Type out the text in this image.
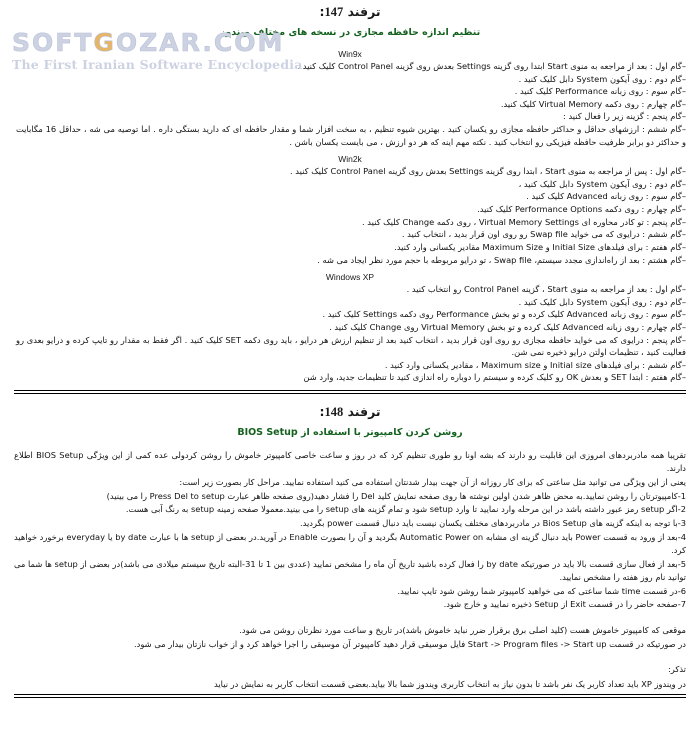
SOFTGOZAR.COM
The First Iranian Software Encyclopedia
ترفند 147:
تنظیم اندازه حافظه مجازی در نسخه های مختلف ویندوز
Win9x

–گام اول : بعد از مراجعه به منوی Start ابتدا روی گزینه Settings بعدش روی گزینه Control Panel کلیک کنید .

–گام دوم : روی آیکون System دابل کلیک کنید .

–گام سوم : روی زبانه Performance کلیک کنید .

–گام چهارم : روی دکمه Virtual Memory کلیک کنید.

–گام پنجم : گزینه زیر را فعال کنید :

–گام ششم : ارزشهای حداقل و حداکثر حافظه مجازی رو یکسان کنید . بهترین شیوه تنظیم ، به سخت افزار شما و مقدار حافظه ای که دارید بستگی داره . اما توصیه می شه ، حداقل 16 مگابایت و حداکثر دو برابر ظرفیت حافظه فیزیکی رو انتخاب کنید . نکته مهم اینه که هر دو ارزش ، می بایست یکسان باشن .

Win2k

–گام اول : پس از مراجعه به منوی Start ، ابتدا روی گزینه Settings بعدش روی گزینه Control Panel کلیک کنید .

–گام دوم : روی آیکون System دابل کلیک کنید ،

–گام سوم : روی زبانه Advanced کلیک کنید .

–گام چهارم : روی دکمه Performance Options کلیک کنید.

–گام پنجم : تو کادر محاوره ای Virtual Memory Settings ، روی دکمه Change کلیک کنید .

–گام ششم : درایوی که می خواید Swap file رو روی اون قرار بدید ، انتخاب کنید .

–گام هفتم : برای فیلدهای Initial Size و Maximum Size مقادیر یکسانی وارد کنید.

–گام هشتم : بعد از راه‌اندازی مجدد سیستم، Swap file ، تو درایو مربوطه با حجم مورد نظر ایجاد می شه .

Windows XP

–گام اول : بعد از مراجعه به منوی Start ، گزینه Control Panel رو انتخاب کنید .

–گام دوم : روی آیکون System دابل کلیک کنید .

–گام سوم : روی زبانه Advanced کلیک کرده و تو بخش Performance روی دکمه Settings کلیک کنید .

–گام چهارم : روی زبانه Advanced کلیک کرده و تو بخش Virtual Memory روی Change کلیک کنید .

–گام پنجم : درایوی که می خواید حافظه مجازی رو روی اون قرار بدید ، انتخاب کنید بعد از تنظیم ارزش هر درایو ، باید روی دکمه SET کلیک کنید . اگر فقط به مقدار رو تایپ کرده و درایو بعدی رو فعالیت کنید ، تنظیمات اولتن درایو ذخیره نمی شن.

–گام ششم : برای فیلدهای Initial size و Maximum size ، مقادیر یکسانی وارد کنید .

–گام هفتم : ابتدا SET و بعدش OK رو کلیک کرده و سیستم را دوباره راه اندازی کنید تا تنظیمات جدید، وارد شن

ترفند 148:
روشن کردن کامپیوتر با استفاده از BIOS Setup

تقریبا همه مادربردهای امروزی این قابلیت رو دارند که بشه اونا رو طوری تنظیم کرد که در روز و ساعت خاصی کامپیوتر خاموش را روشن کردولی عده کمی از این ویژگی BIOS Setup اطلاع دارند.

یعنی از این ویژگی می توانید مثل ساعتی که برای کار روزانه از آن جهت بیدار شدنتان استفاده می کنید استفاده نمایید. مراحل کار بصورت زیر است:

1-کامپیوترتان را روشن نمایید.به محض ظاهر شدن اولین نوشته ها روی صفحه نمایش کلید Del را فشار دهید(روی صفحه ظاهر عبارت Press Del to setup را می بینید)

2-اگر setup رمز عبور داشته باشد در این مرحله وارد نمایید تا وارد setup شود و تمام گزینه های setup را می بینید.معمولا صفحه زمینه setup به رنگ آبی هست.

3-با توجه به اینکه گزینه های Bios Setup در مادربردهای مختلف یکسان نیست باید دنبال قسمت power بگردید.

4-بعد از ورود به قسمت Power باید دنبال گزینه ای مشابه Automatic Power on بگردید و آن را بصورت Enable در آورید.در بعضی از setup ها با عبارت by date یا everyday برخورد خواهید کرد.

5-بعد از فعال سازی قسمت بالا باید در صورتیکه by date را فعال کرده باشید تاریخ آن ماه را مشخص نمایید (عددی بین 1 تا 31-البته تاریخ سیستم میلادی می باشد)در بعضی از setup ها شما می توانید نام روز هفته را مشخص نمایید.

6-در قسمت time شما ساعتی که می خواهید کامپیوتر شما روشن شود تایپ نمایید.

7-صفحه حاضر را در قسمت Exit از Setup ذخیره نمایید و خارج شود.

موقعی که کامپیوتر خاموش هست (کلید اصلی برق برقرار ضرر نباید خاموش باشد)در تاریخ و ساعت مورد نظرتان روشن می شود.

در صورتیکه در قسمت Start -> Program files -> Start up فایل موسیقی قرار دهید کامپیوتر آن موسیقی را اجرا خواهد کرد و از خواب نازتان بیدار می شود.

تذکر:

در ویندوز XP باید تعداد کاربر یک نفر باشد تا بدون نیاز به انتخاب کاربری ویندوز شما بالا بیاید.بعضی قسمت انتخاب کاربر به نمایش در نیاید
